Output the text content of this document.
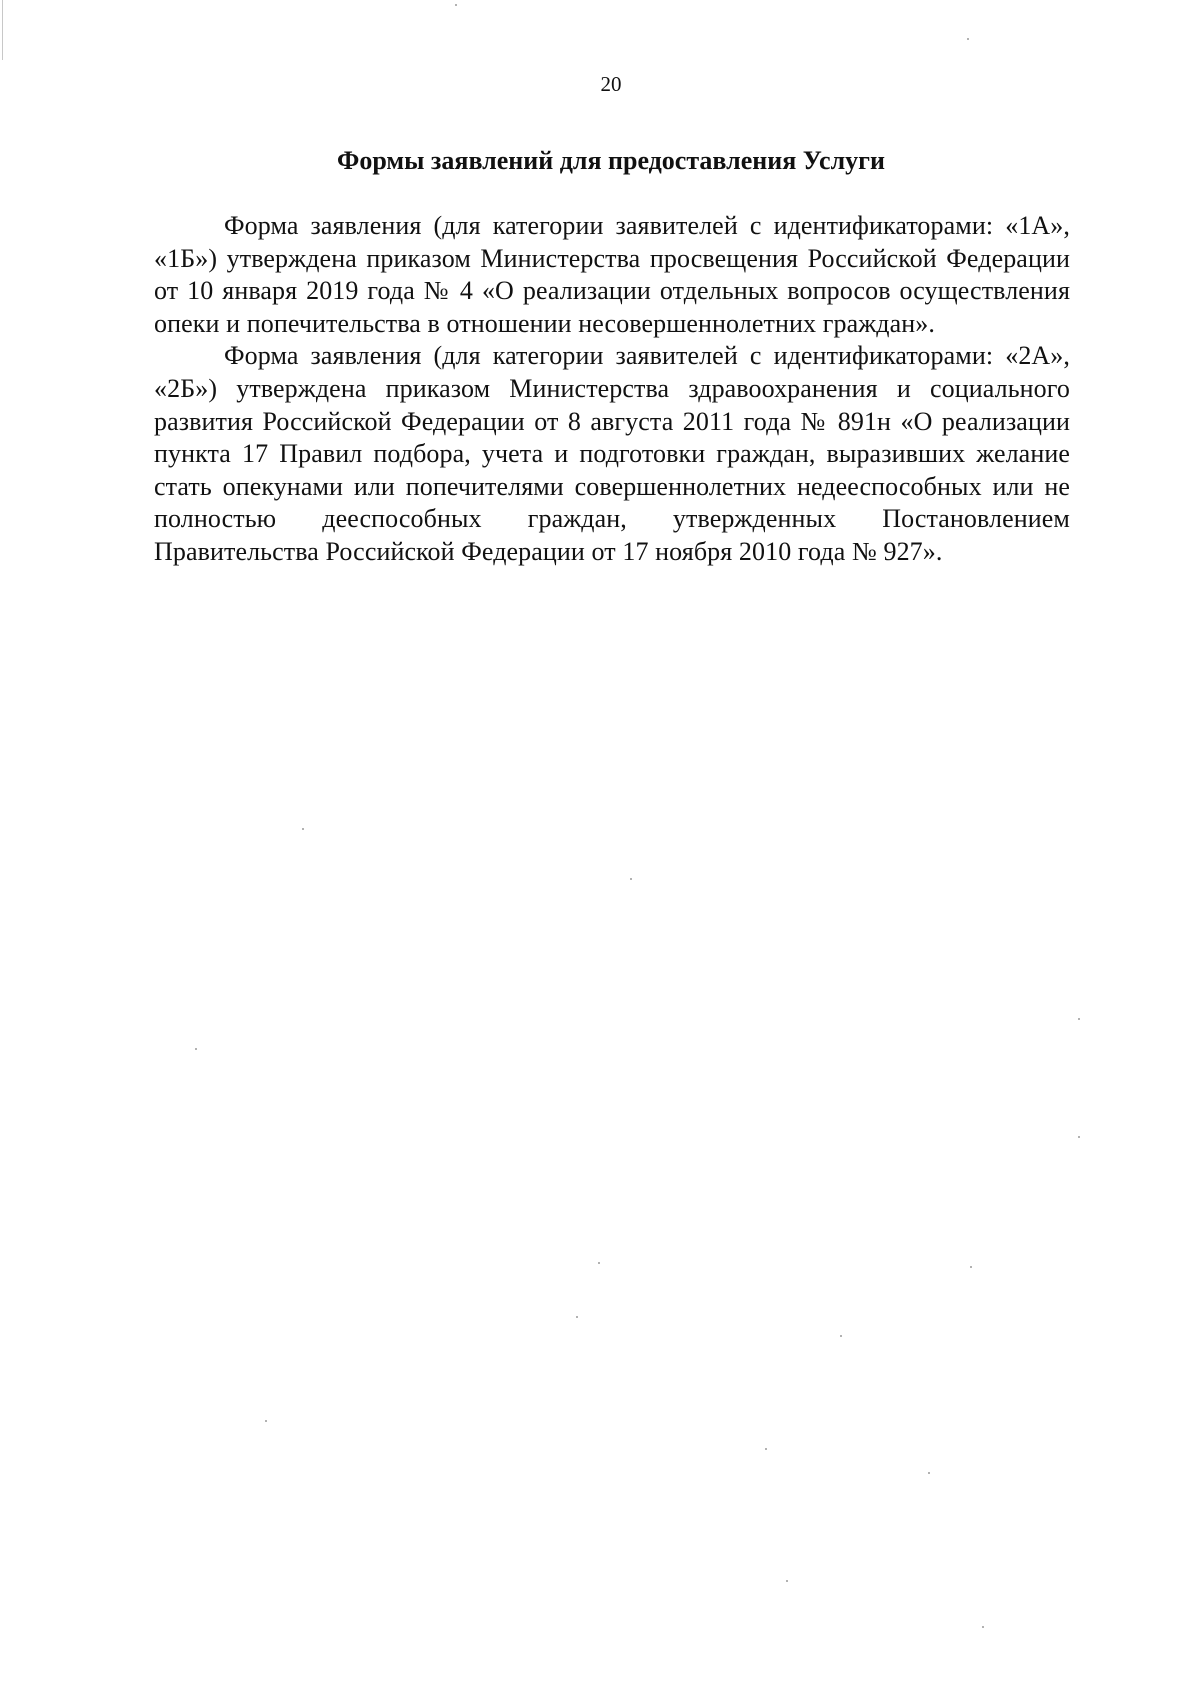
20
Формы заявлений для предоставления Услуги

Форма заявления (для категории заявителей с идентификаторами: «1А», «1Б») утверждена приказом Министерства просвещения Российской Федерации от 10 января 2019 года № 4 «О реализации отдельных вопросов осуществления опеки и попечительства в отношении несовершеннолетних граждан».

Форма заявления (для категории заявителей с идентификаторами: «2А», «2Б») утверждена приказом Министерства здравоохранения и социального развития Российской Федерации от 8 августа 2011 года № 891н «О реализации пункта 17 Правил подбора, учета и подготовки граждан, выразивших желание стать опекунами или попечителями совершеннолетних недееспособных или не полностью дееспособных граждан, утвержденных Постановлением Правительства Российской Федерации от 17 ноября 2010 года № 927».
